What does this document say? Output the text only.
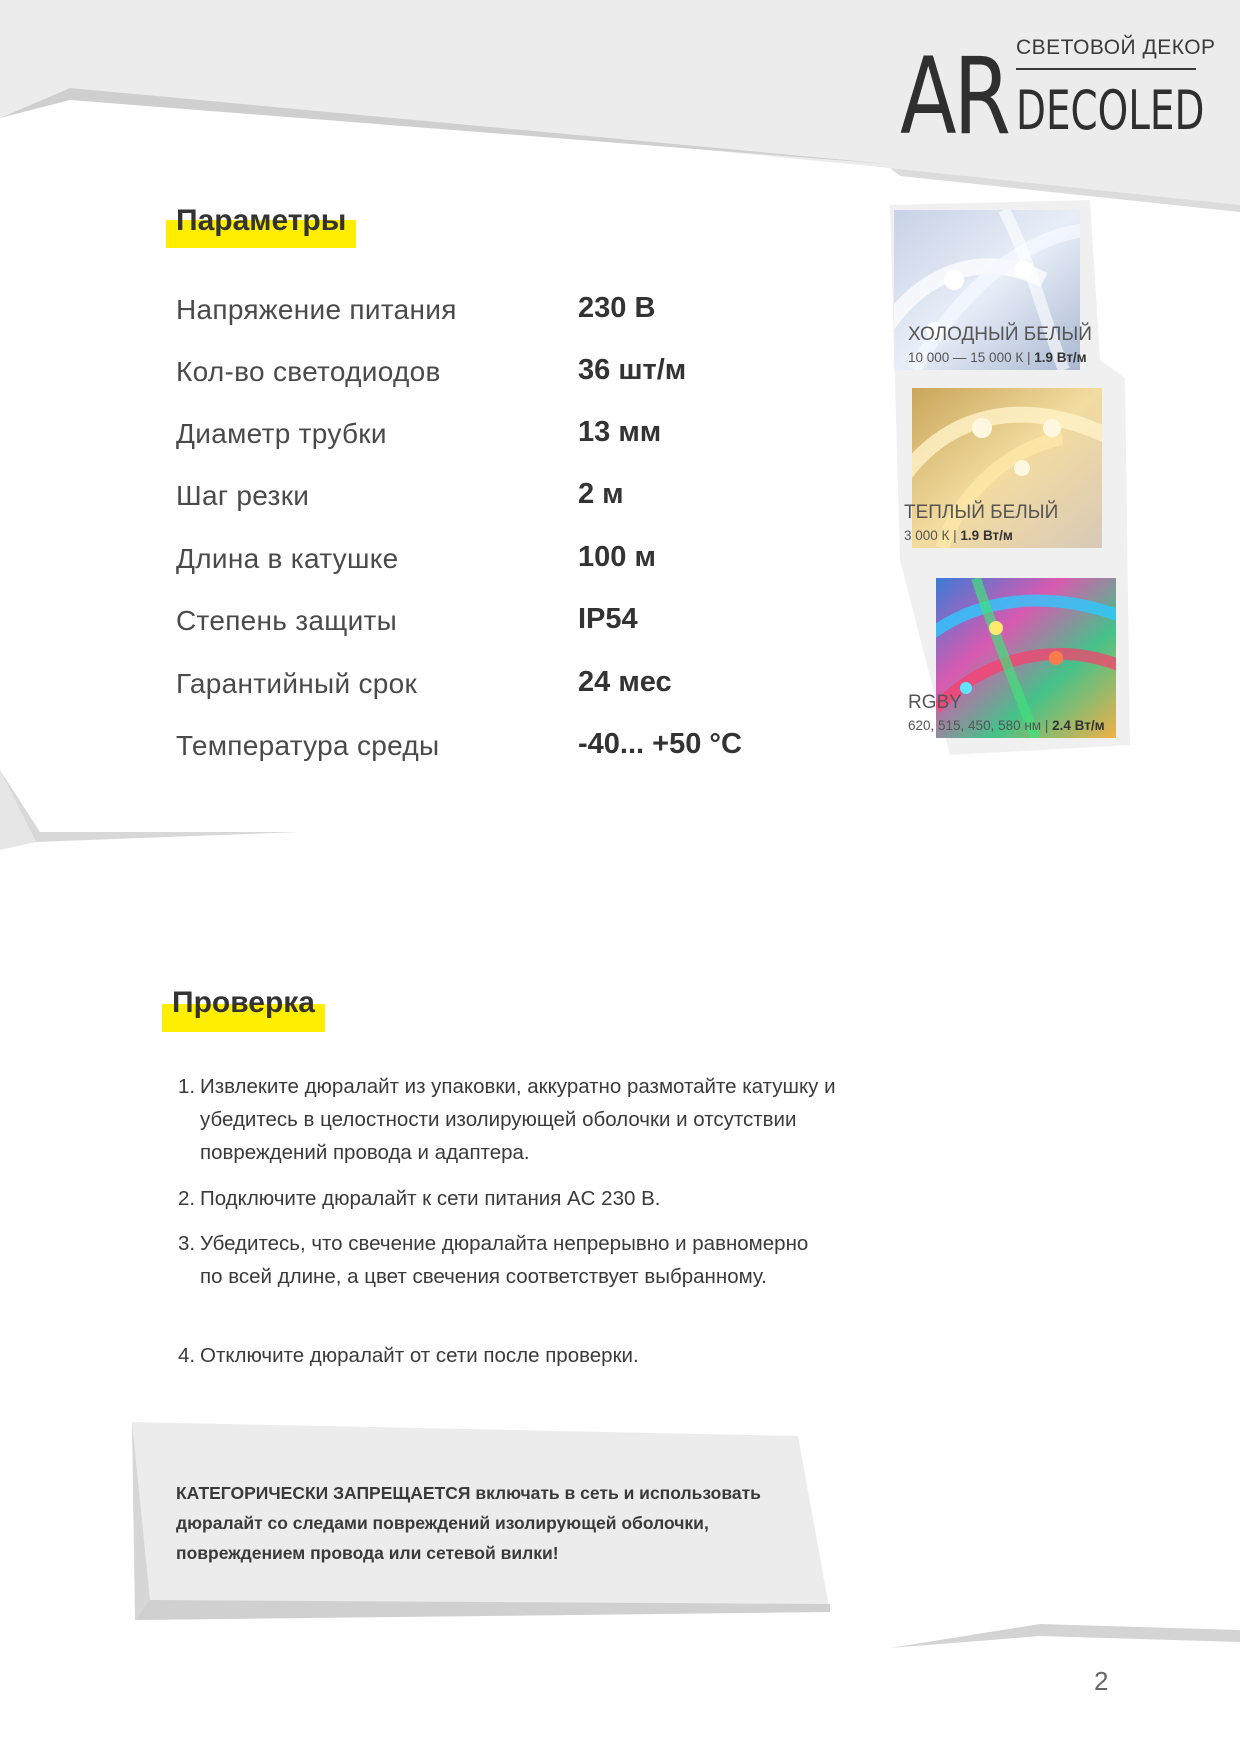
СВЕТОВОЙ ДЕКОР
AR DECOLED
Параметры
Напряжение питания	230 В
Кол-во светодиодов	36 шт/м
Диаметр трубки	13 мм
Шаг резки	2 м
Длина в катушке	100 м
Степень защиты	IP54
Гарантийный срок	24 мес
Температура среды	-40... +50 °С
ХОЛОДНЫЙ БЕЛЫЙ
10 000 — 15 000 К | 1.9 Вт/м
ТЕПЛЫЙ БЕЛЫЙ
3 000 К | 1.9 Вт/м
RGBY
620, 515, 450, 580 нм | 2.4 Вт/м
Проверка
1. Извлеките дюралайт из упаковки, аккуратно размотайте катушку и убедитесь в целостности изолирующей оболочки и отсутствии повреждений провода и адаптера.
2. Подключите дюралайт к сети питания AC 230 В.
3. Убедитесь, что свечение дюралайта непрерывно и равномерно по всей длине, а цвет свечения соответствует выбранному.
4. Отключите дюралайт от сети после проверки.
КАТЕГОРИЧЕСКИ ЗАПРЕЩАЕТСЯ включать в сеть и использовать дюралайт со следами повреждений изолирующей оболочки, повреждением провода или сетевой вилки!
2
